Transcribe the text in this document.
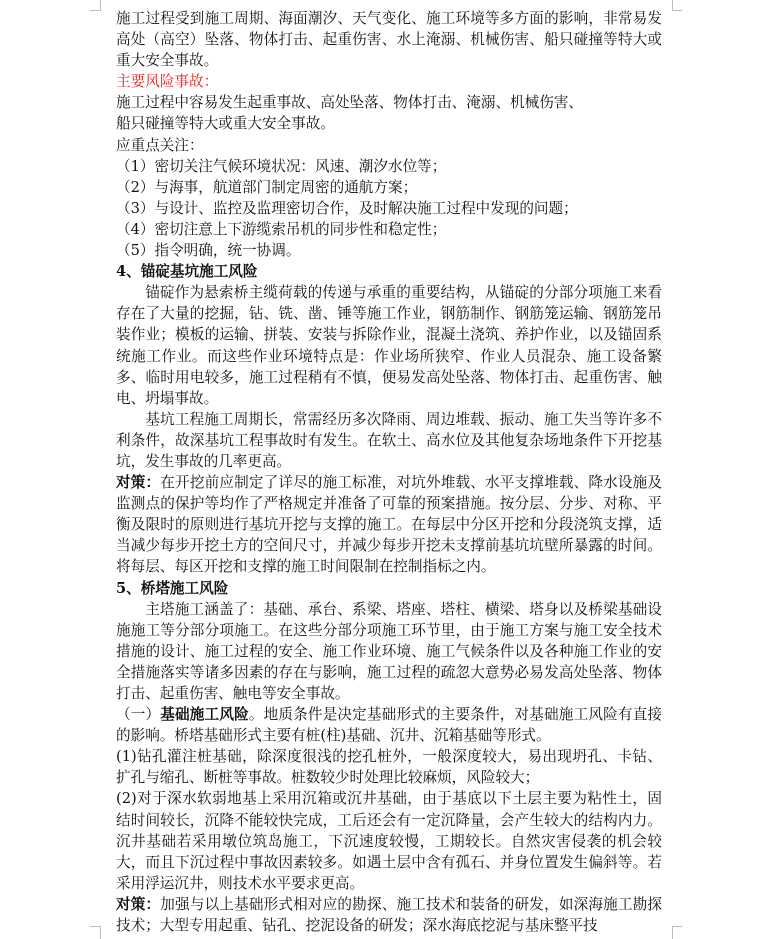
施工过程受到施工周期、海面潮汐、天气变化、施工环境等多方面的影响，非常易发高处（高空）坠落、物体打击、起重伤害、水上淹溺、机械伤害、船只碰撞等特大或重大安全事故。

主要风险事故：

施工过程中容易发生起重事故、高处坠落、物体打击、淹溺、机械伤害、

船只碰撞等特大或重大安全事故。

应重点关注：

（1）密切关注气候环境状况：风速、潮汐水位等；

（2）与海事，航道部门制定周密的通航方案；

（3）与设计、监控及监理密切合作，及时解决施工过程中发现的问题；

（4）密切注意上下游缆索吊机的同步性和稳定性；

（5）指令明确，统一协调。

4、锚碇基坑施工风险

锚碇作为悬索桥主缆荷载的传递与承重的重要结构，从锚碇的分部分项施工来看存在了大量的挖掘，钻、铣、凿、锤等施工作业，钢筋制作、钢筋笼运输、钢筋笼吊装作业；模板的运输、拼装、安装与拆除作业，混凝土浇筑、养护作业，以及锚固系统施工作业。而这些作业环境特点是：作业场所狭窄、作业人员混杂、施工设备繁多、临时用电较多，施工过程稍有不慎，便易发高处坠落、物体打击、起重伤害、触电、坍塌事故。

基坑工程施工周期长，常需经历多次降雨、周边堆载、振动、施工失当等许多不利条件，故深基坑工程事故时有发生。在软土、高水位及其他复杂场地条件下开挖基坑，发生事故的几率更高。

对策：在开挖前应制定了详尽的施工标准，对坑外堆载、水平支撑堆载、降水设施及监测点的保护等均作了严格规定并准备了可靠的预案措施。按分层、分步、对称、平衡及限时的原则进行基坑开挖与支撑的施工。在每层中分区开挖和分段浇筑支撑，适当减少每步开挖土方的空间尺寸，并减少每步开挖未支撑前基坑坑壁所暴露的时间。将每层、每区开挖和支撑的施工时间限制在控制指标之内。

5、桥塔施工风险

主塔施工涵盖了：基础、承台、系梁、塔座、塔柱、横梁、塔身以及桥梁基础设施施工等分部分项施工。在这些分部分项施工环节里，由于施工方案与施工安全技术措施的设计、施工过程的安全、施工作业环境、施工气候条件以及各种施工作业的安全措施落实等诸多因素的存在与影响，施工过程的疏忽大意势必易发高处坠落、物体打击、起重伤害、触电等安全事故。

（一）基础施工风险。地质条件是决定基础形式的主要条件，对基础施工风险有直接的影响。桥塔基础形式主要有桩(柱)基础、沉井、沉箱基础等形式。

(1)钻孔灌注桩基础，除深度很浅的挖孔桩外，一般深度较大，易出现坍孔、卡钻、扩孔与缩孔、断桩等事故。桩数较少时处理比较麻烦，风险较大；

(2)对于深水软弱地基上采用沉箱或沉井基础，由于基底以下土层主要为粘性土，固结时间较长，沉降不能较快完成，工后还会有一定沉降量，会产生较大的结构内力。沉井基础若采用墩位筑岛施工，下沉速度较慢，工期较长。自然灾害侵袭的机会较大，而且下沉过程中事故因素较多。如遇土层中含有孤石、并身位置发生偏斜等。若采用浮运沉井，则技术水平要求更高。

对策：加强与以上基础形式相对应的勘探、施工技术和装备的研发，如深海施工勘探技术；大型专用起重、钻孔、挖泥设备的研发；深水海底挖泥与基床整平技
